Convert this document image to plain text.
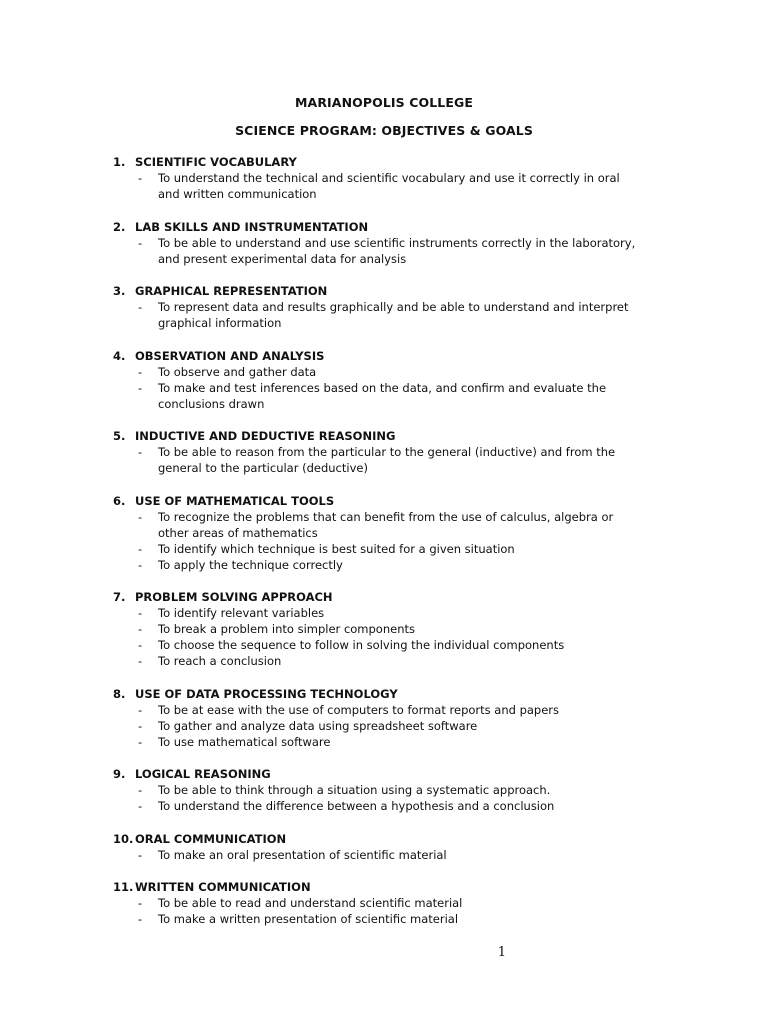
MARIANOPOLIS COLLEGE
SCIENCE PROGRAM: OBJECTIVES & GOALS
1. SCIENTIFIC VOCABULARY
- To understand the technical and scientific vocabulary and use it correctly in oral and written communication
2. LAB SKILLS AND INSTRUMENTATION
- To be able to understand and use scientific instruments correctly in the laboratory, and present experimental data for analysis
3. GRAPHICAL REPRESENTATION
- To represent data and results graphically and be able to understand and interpret graphical information
4. OBSERVATION AND ANALYSIS
- To observe and gather data
- To make and test inferences based on the data, and confirm and evaluate the conclusions drawn
5. INDUCTIVE AND DEDUCTIVE REASONING
- To be able to reason from the particular to the general (inductive) and from the general to the particular (deductive)
6. USE OF MATHEMATICAL TOOLS
- To recognize the problems that can benefit from the use of calculus, algebra or other areas of mathematics
- To identify which technique is best suited for a given situation
- To apply the technique correctly
7. PROBLEM SOLVING APPROACH
- To identify relevant variables
- To break a problem into simpler components
- To choose the sequence to follow in solving the individual components
- To reach a conclusion
8. USE OF DATA PROCESSING TECHNOLOGY
- To be at ease with the use of computers to format reports and papers
- To gather and analyze data using spreadsheet software
- To use mathematical software
9. LOGICAL REASONING
- To be able to think through a situation using a systematic approach.
- To understand the difference between a hypothesis and a conclusion
10. ORAL COMMUNICATION
- To make an oral presentation of scientific material
11. WRITTEN COMMUNICATION
- To be able to read and understand scientific material
- To make a written presentation of scientific material
1
